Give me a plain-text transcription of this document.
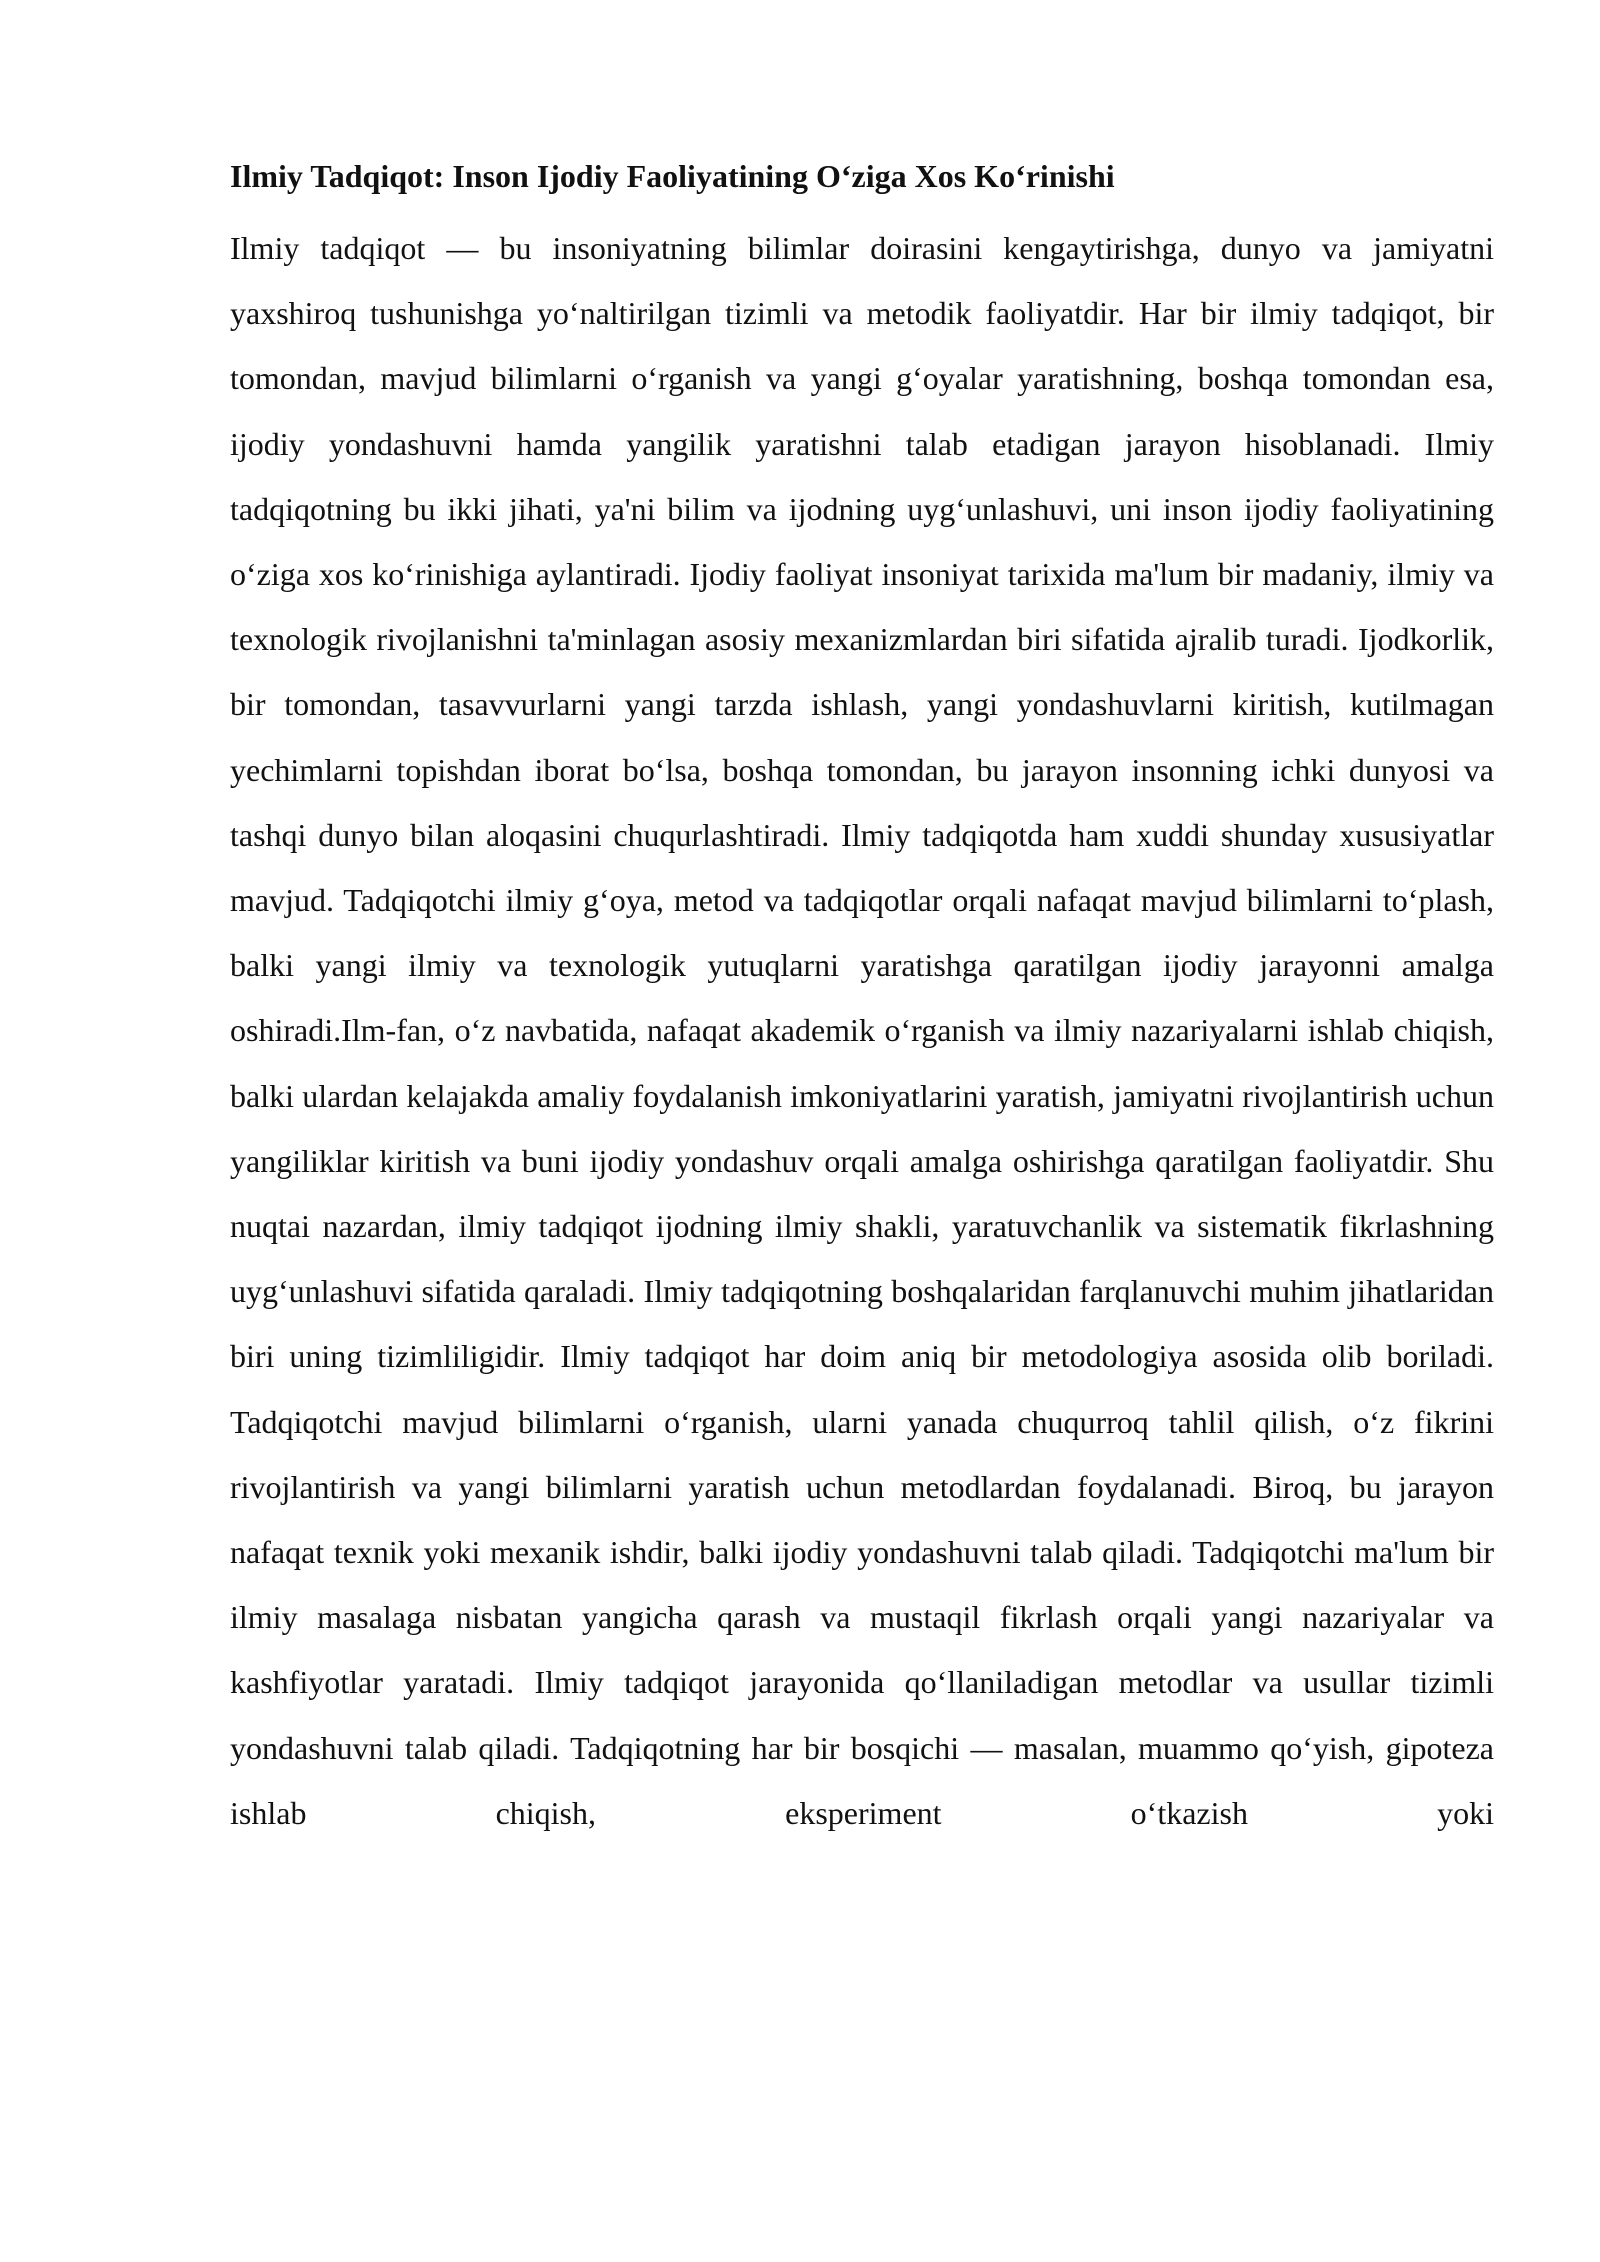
Ilmiy Tadqiqot: Inson Ijodiy Faoliyatining O‘ziga Xos Ko‘rinishi

Ilmiy tadqiqot — bu insoniyatning bilimlar doirasini kengaytirishga, dunyo va jamiyatni yaxshiroq tushunishga yo‘naltirilgan tizimli va metodik faoliyatdir. Har bir ilmiy tadqiqot, bir tomondan, mavjud bilimlarni o‘rganish va yangi g‘oyalar yaratishning, boshqa tomondan esa, ijodiy yondashuvni hamda yangilik yaratishni talab etadigan jarayon hisoblanadi. Ilmiy tadqiqotning bu ikki jihati, ya'ni bilim va ijodning uyg‘unlashuvi, uni inson ijodiy faoliyatining o‘ziga xos ko‘rinishiga aylantiradi. Ijodiy faoliyat insoniyat tarixida ma'lum bir madaniy, ilmiy va texnologik rivojlanishni ta'minlagan asosiy mexanizmlardan biri sifatida ajralib turadi. Ijodkorlik, bir tomondan, tasavvurlarni yangi tarzda ishlash, yangi yondashuvlarni kiritish, kutilmagan yechimlarni topishdan iborat bo‘lsa, boshqa tomondan, bu jarayon insonning ichki dunyosi va tashqi dunyo bilan aloqasini chuqurlashtiradi. Ilmiy tadqiqotda ham xuddi shunday xususiyatlar mavjud. Tadqiqotchi ilmiy g‘oya, metod va tadqiqotlar orqali nafaqat mavjud bilimlarni to‘plash, balki yangi ilmiy va texnologik yutuqlarni yaratishga qaratilgan ijodiy jarayonni amalga oshiradi.Ilm-fan, o‘z navbatida, nafaqat akademik o‘rganish va ilmiy nazariyalarni ishlab chiqish, balki ulardan kelajakda amaliy foydalanish imkoniyatlarini yaratish, jamiyatni rivojlantirish uchun yangiliklar kiritish va buni ijodiy yondashuv orqali amalga oshirishga qaratilgan faoliyatdir. Shu nuqtai nazardan, ilmiy tadqiqot ijodning ilmiy shakli, yaratuvchanlik va sistematik fikrlashning uyg‘unlashuvi sifatida qaraladi. Ilmiy tadqiqotning boshqalaridan farqlanuvchi muhim jihatlaridan biri uning tizimliligidir. Ilmiy tadqiqot har doim aniq bir metodologiya asosida olib boriladi. Tadqiqotchi mavjud bilimlarni o‘rganish, ularni yanada chuqurroq tahlil qilish, o‘z fikrini rivojlantirish va yangi bilimlarni yaratish uchun metodlardan foydalanadi. Biroq, bu jarayon nafaqat texnik yoki mexanik ishdir, balki ijodiy yondashuvni talab qiladi. Tadqiqotchi ma'lum bir ilmiy masalaga nisbatan yangicha qarash va mustaqil fikrlash orqali yangi nazariyalar va kashfiyotlar yaratadi. Ilmiy tadqiqot jarayonida qo‘llaniladigan metodlar va usullar tizimli yondashuvni talab qiladi. Tadqiqotning har bir bosqichi — masalan, muammo qo‘yish, gipoteza ishlab chiqish, eksperiment o‘tkazish yoki
